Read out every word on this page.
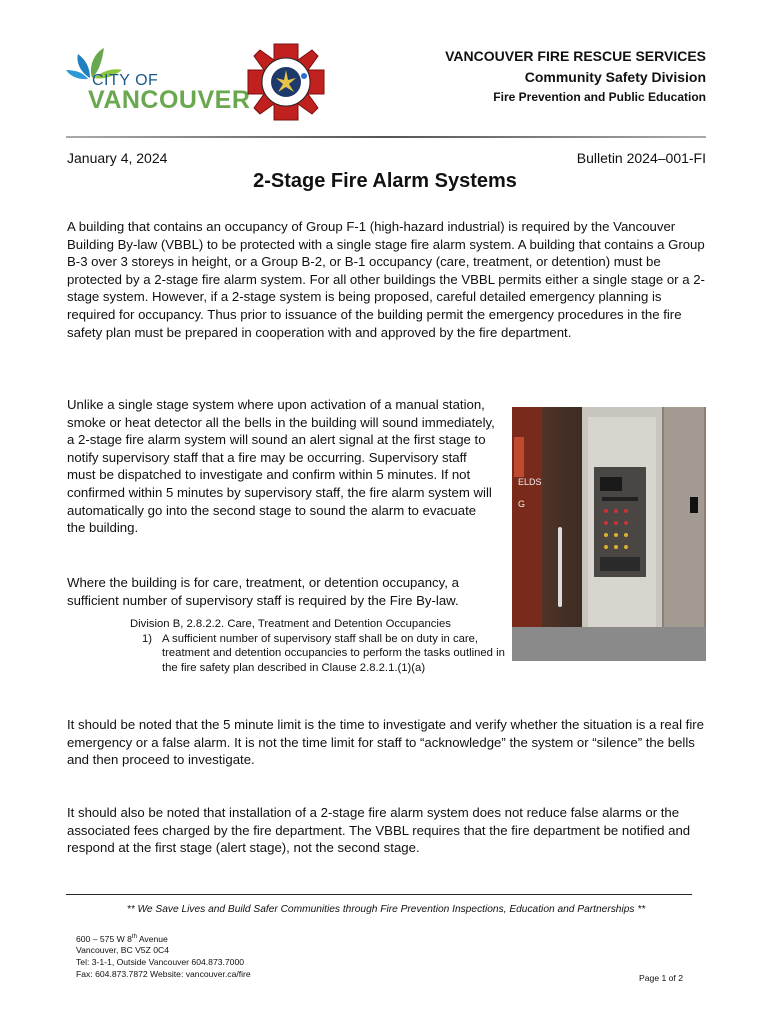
CITY OF
VANCOUVER
VANCOUVER FIRE RESCUE SERVICES
Community Safety Division
Fire Prevention and Public Education
January 4, 2024	Bulletin 2024–001-FI
2-Stage Fire Alarm Systems
A building that contains an occupancy of Group F-1 (high-hazard industrial) is required by the Vancouver Building By-law (VBBL) to be protected with a single stage fire alarm system. A building that contains a Group B-3 over 3 storeys in height, or a Group B-2, or B-1 occupancy (care, treatment, or detention) must be protected by a 2-stage fire alarm system. For all other buildings the VBBL permits either a single stage or a 2-stage system. However, if a 2-stage system is being proposed, careful detailed emergency planning is required for occupancy. Thus prior to issuance of the building permit the emergency procedures in the fire safety plan must be prepared in cooperation with and approved by the fire department.
Unlike a single stage system where upon activation of a manual station, smoke or heat detector all the bells in the building will sound immediately, a 2-stage fire alarm system will sound an alert signal at the first stage to notify supervisory staff that a fire may be occurring. Supervisory staff must be dispatched to investigate and confirm within 5 minutes. If not confirmed within 5 minutes by supervisory staff, the fire alarm system will automatically go into the second stage to sound the alarm to evacuate the building.
Where the building is for care, treatment, or detention occupancy, a sufficient number of supervisory staff is required by the Fire By-law.
Division B, 2.8.2.2. Care, Treatment and Detention Occupancies
1) A sufficient number of supervisory staff shall be on duty in care, treatment and detention occupancies to perform the tasks outlined in the fire safety plan described in Clause 2.8.2.1.(1)(a)
ELDS
G
It should be noted that the 5 minute limit is the time to investigate and verify whether the situation is a real fire emergency or a false alarm. It is not the time limit for staff to “acknowledge” the system or “silence” the bells and then proceed to investigate.
It should also be noted that installation of a 2-stage fire alarm system does not reduce false alarms or the associated fees charged by the fire department. The VBBL requires that the fire department be notified and respond at the first stage (alert stage), not the second stage.
** We Save Lives and Build Safer Communities through Fire Prevention Inspections, Education and Partnerships **
600 – 575 W 8th Avenue
Vancouver, BC V5Z 0C4
Tel: 3-1-1, Outside Vancouver 604.873.7000
Fax: 604.873.7872 Website: vancouver.ca/fire	Page 1 of 2
